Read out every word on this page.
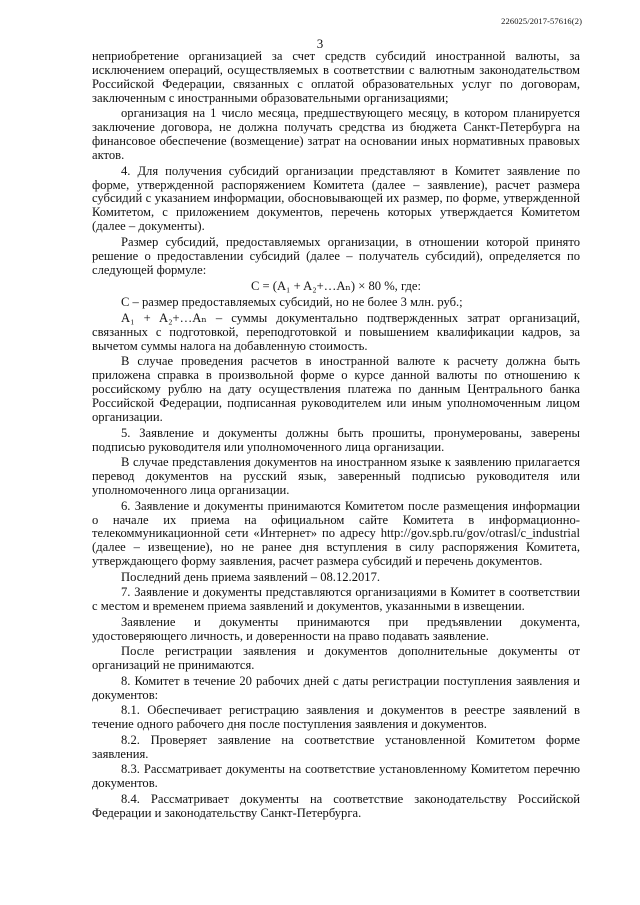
226025/2017-57616(2)
3

неприобретение организацией за счет средств субсидий иностранной валюты, за исключением операций, осуществляемых в соответствии с валютным законодательством Российской Федерации, связанных с оплатой образовательных услуг по договорам, заключенным с иностранными образовательными организациями;

организация на 1 число месяца, предшествующего месяцу, в котором планируется заключение договора, не должна получать средства из бюджета Санкт-Петербурга на финансовое обеспечение (возмещение) затрат на основании иных нормативных правовых актов.

4. Для получения субсидий организации представляют в Комитет заявление по форме, утвержденной распоряжением Комитета (далее – заявление), расчет размера субсидий с указанием информации, обосновывающей их размер, по форме, утвержденной Комитетом, с приложением документов, перечень которых утверждается Комитетом (далее – документы).

Размер субсидий, предоставляемых организации, в отношении которой принято решение о предоставлении субсидий (далее – получатель субсидий), определяется по следующей формуле:

C = (A₁ + A₂+…Aₙ) × 80 %, где:

C – размер предоставляемых субсидий, но не более 3 млн. руб.;

A₁ + A₂+…Aₙ – суммы документально подтвержденных затрат организаций, связанных с подготовкой, переподготовкой и повышением квалификации кадров, за вычетом суммы налога на добавленную стоимость.

В случае проведения расчетов в иностранной валюте к расчету должна быть приложена справка в произвольной форме о курсе данной валюты по отношению к российскому рублю на дату осуществления платежа по данным Центрального банка Российской Федерации, подписанная руководителем или иным уполномоченным лицом организации.

5. Заявление и документы должны быть прошиты, пронумерованы, заверены подписью руководителя или уполномоченного лица организации.

В случае представления документов на иностранном языке к заявлению прилагается перевод документов на русский язык, заверенный подписью руководителя или уполномоченного лица организации.

6. Заявление и документы принимаются Комитетом после размещения информации о начале их приема на официальном сайте Комитета в информационно-телекоммуникационной сети «Интернет» по адресу http://gov.spb.ru/gov/otrasl/c_industrial (далее – извещение), но не ранее дня вступления в силу распоряжения Комитета, утверждающего форму заявления, расчет размера субсидий и перечень документов.

Последний день приема заявлений – 08.12.2017.

7. Заявление и документы представляются организациями в Комитет в соответствии с местом и временем приема заявлений и документов, указанными в извещении.

Заявление и документы принимаются при предъявлении документа, удостоверяющего личность, и доверенности на право подавать заявление.

После регистрации заявления и документов дополнительные документы от организаций не принимаются.

8. Комитет в течение 20 рабочих дней с даты регистрации поступления заявления и документов:

8.1. Обеспечивает регистрацию заявления и документов в реестре заявлений в течение одного рабочего дня после поступления заявления и документов.

8.2. Проверяет заявление на соответствие установленной Комитетом форме заявления.

8.3. Рассматривает документы на соответствие установленному Комитетом перечню документов.

8.4. Рассматривает документы на соответствие законодательству Российской Федерации и законодательству Санкт-Петербурга.
